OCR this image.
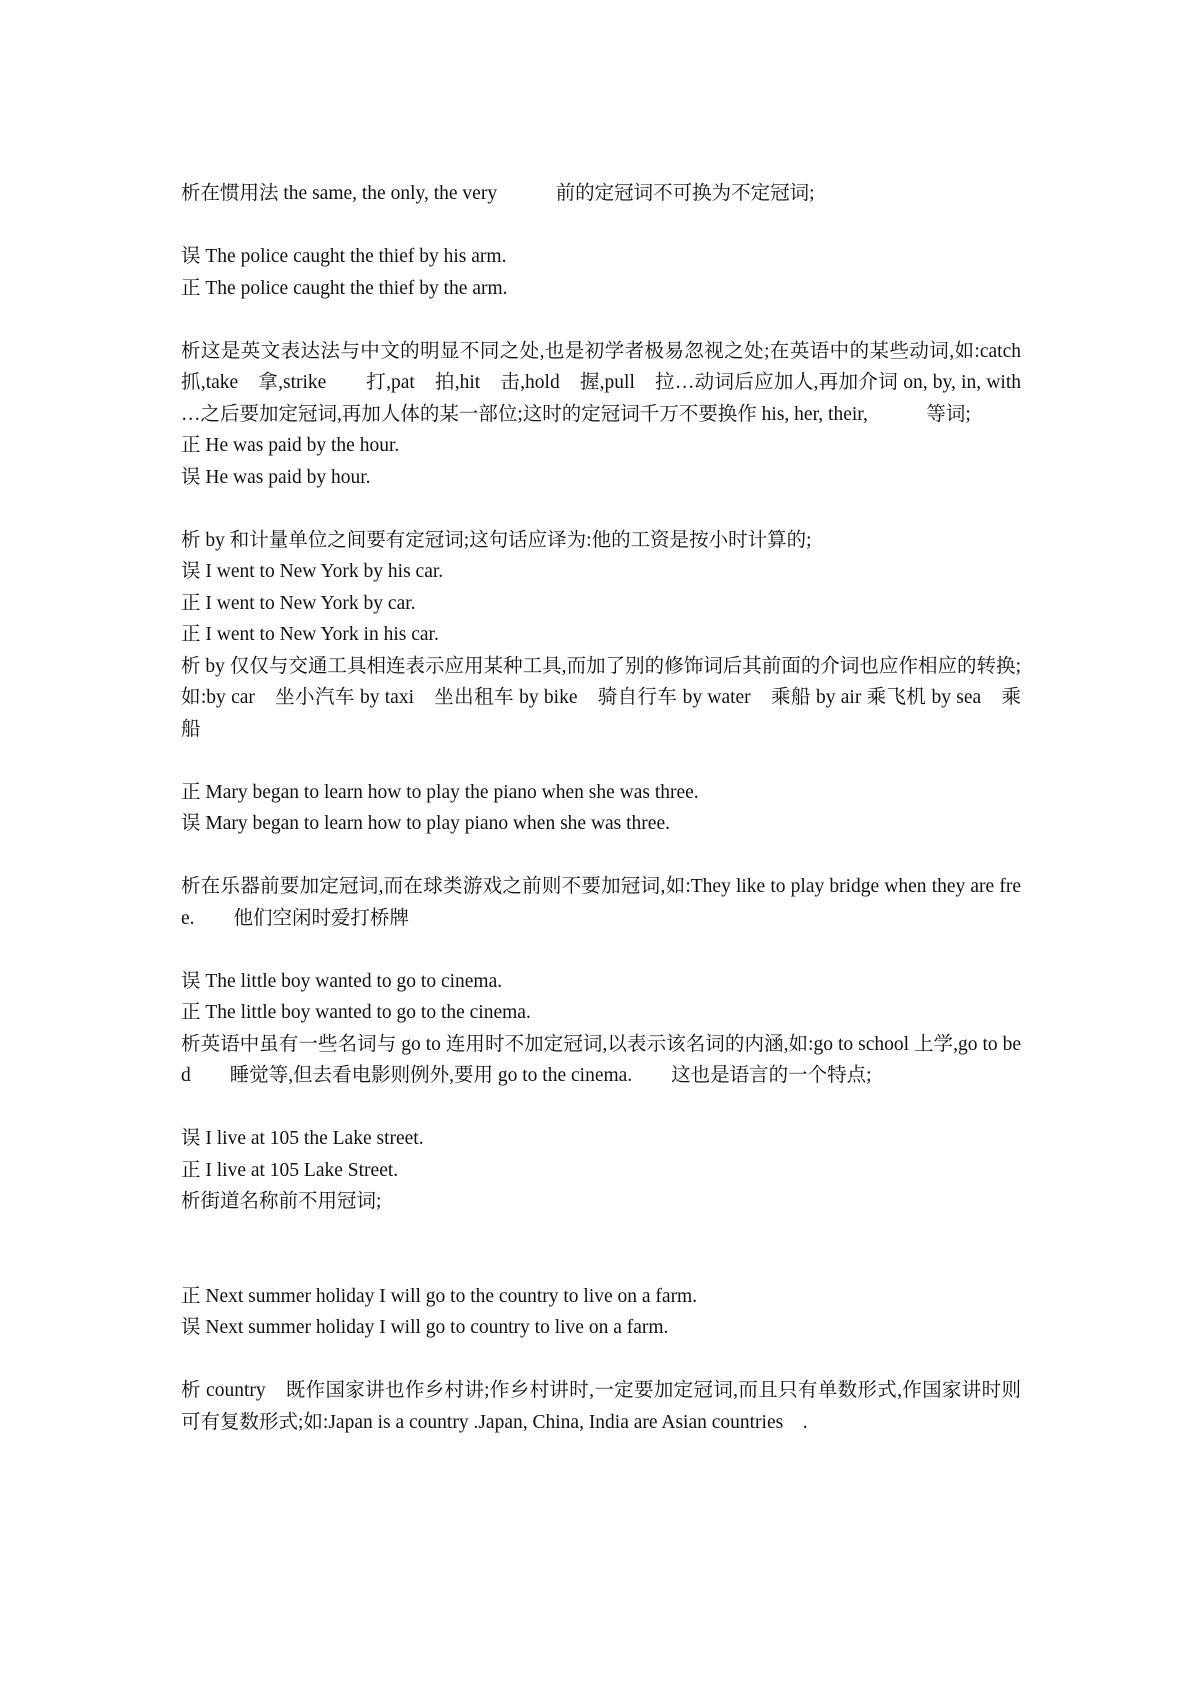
析在惯用法 the same, the only, the very　　　前的定冠词不可换为不定冠词;

误 The police caught the thief by his arm.

正 The police caught the thief by the arm.

析这是英文表达法与中文的明显不同之处,也是初学者极易忽视之处;在英语中的某些动词,如:catch　抓,take　拿,strike　　打,pat　拍,hit　击,hold　握,pull　拉…动词后应加人,再加介词 on, by, in, with　　…之后要加定冠词,再加人体的某一部位;这时的定冠词千万不要换作 his, her, their,　　　等词;

正 He was paid by the hour.

误 He was paid by hour.

析 by 和计量单位之间要有定冠词;这句话应译为:他的工资是按小时计算的;

误 I went to New York by his car.

正 I went to New York by car.

正 I went to New York in his car.

析 by 仅仅与交通工具相连表示应用某种工具,而加了别的修饰词后其前面的介词也应作相应的转换;如:by car　坐小汽车 by taxi　坐出租车 by bike　骑自行车 by water　乘船 by air 乘飞机 by sea　乘船

正 Mary began to learn how to play the piano when she was three.

误 Mary began to learn how to play piano when she was three.

析在乐器前要加定冠词,而在球类游戏之前则不要加冠词,如:They like to play bridge when they are free.　　他们空闲时爱打桥牌

误 The little boy wanted to go to cinema.

正 The little boy wanted to go to the cinema.

析英语中虽有一些名词与 go to 连用时不加定冠词,以表示该名词的内涵,如:go to school 上学,go to bed　　睡觉等,但去看电影则例外,要用 go to the cinema.　　这也是语言的一个特点;

误 I live at 105 the Lake street.

正 I live at 105 Lake Street.

析街道名称前不用冠词;

正 Next summer holiday I will go to the country to live on a farm.

误 Next summer holiday I will go to country to live on a farm.

析 country　既作国家讲也作乡村讲;作乡村讲时,一定要加定冠词,而且只有单数形式,作国家讲时则可有复数形式;如:Japan is a country .Japan, China, India are Asian countries　.
